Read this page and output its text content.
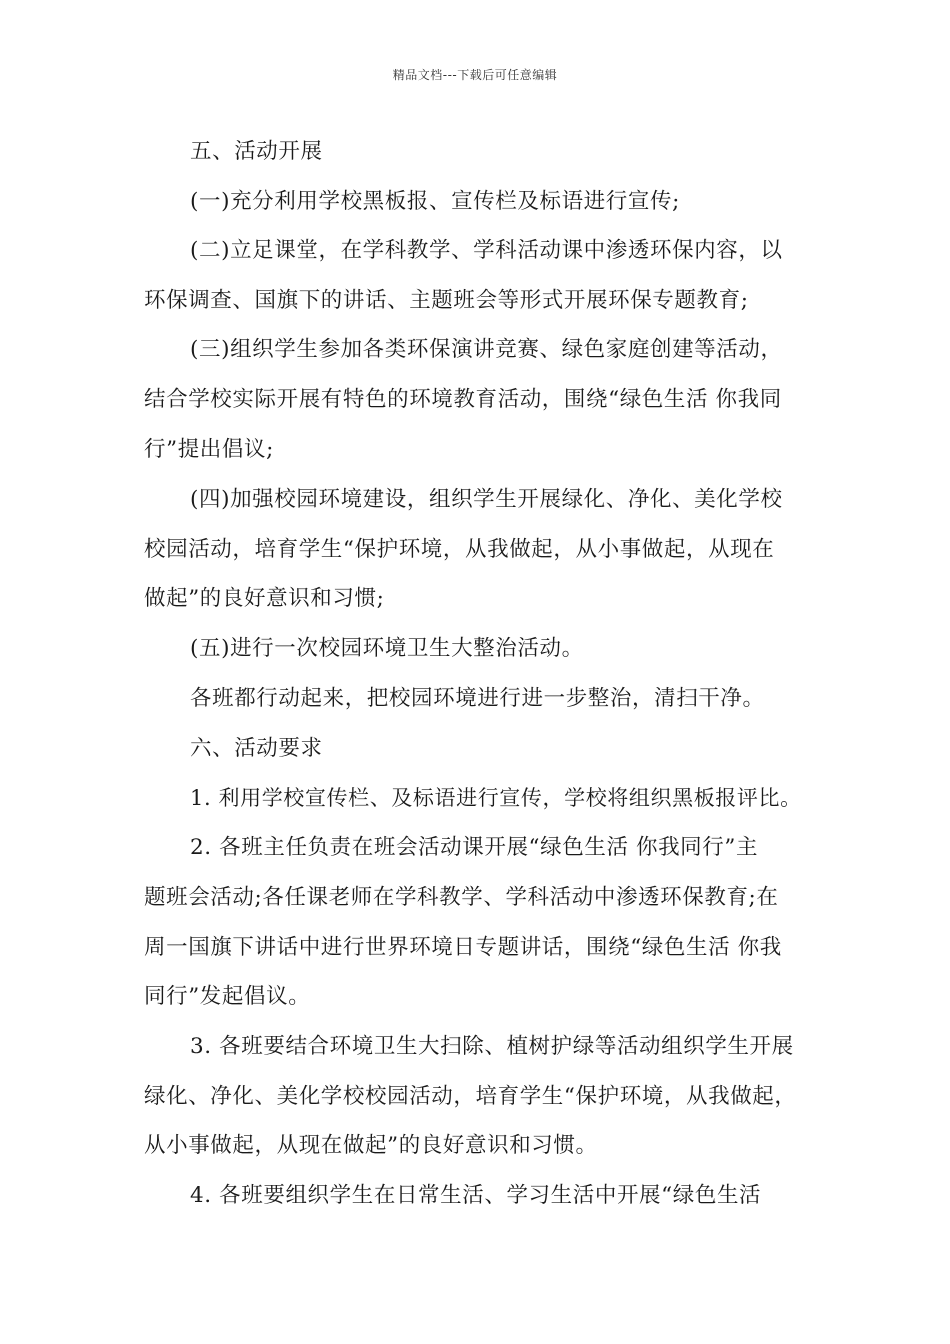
精品文档---下载后可任意编辑
五、活动开展
(一)充分利用学校黑板报、宣传栏及标语进行宣传;
(二)立足课堂，在学科教学、学科活动课中渗透环保内容，以
环保调查、国旗下的讲话、主题班会等形式开展环保专题教育;
(三)组织学生参加各类环保演讲竞赛、绿色家庭创建等活动，
结合学校实际开展有特色的环境教育活动，围绕“绿色生活 你我同
行”提出倡议;
(四)加强校园环境建设，组织学生开展绿化、净化、美化学校
校园活动，培育学生“保护环境，从我做起，从小事做起，从现在
做起”的良好意识和习惯;
(五)进行一次校园环境卫生大整治活动。
各班都行动起来，把校园环境进行进一步整治，清扫干净。
六、活动要求
1. 利用学校宣传栏、及标语进行宣传，学校将组织黑板报评比。
2. 各班主任负责在班会活动课开展“绿色生活 你我同行”主
题班会活动;各任课老师在学科教学、学科活动中渗透环保教育;在
周一国旗下讲话中进行世界环境日专题讲话，围绕“绿色生活 你我
同行”发起倡议。
3. 各班要结合环境卫生大扫除、植树护绿等活动组织学生开展
绿化、净化、美化学校校园活动，培育学生“保护环境，从我做起，
从小事做起，从现在做起”的良好意识和习惯。
4. 各班要组织学生在日常生活、学习生活中开展“绿色生活
